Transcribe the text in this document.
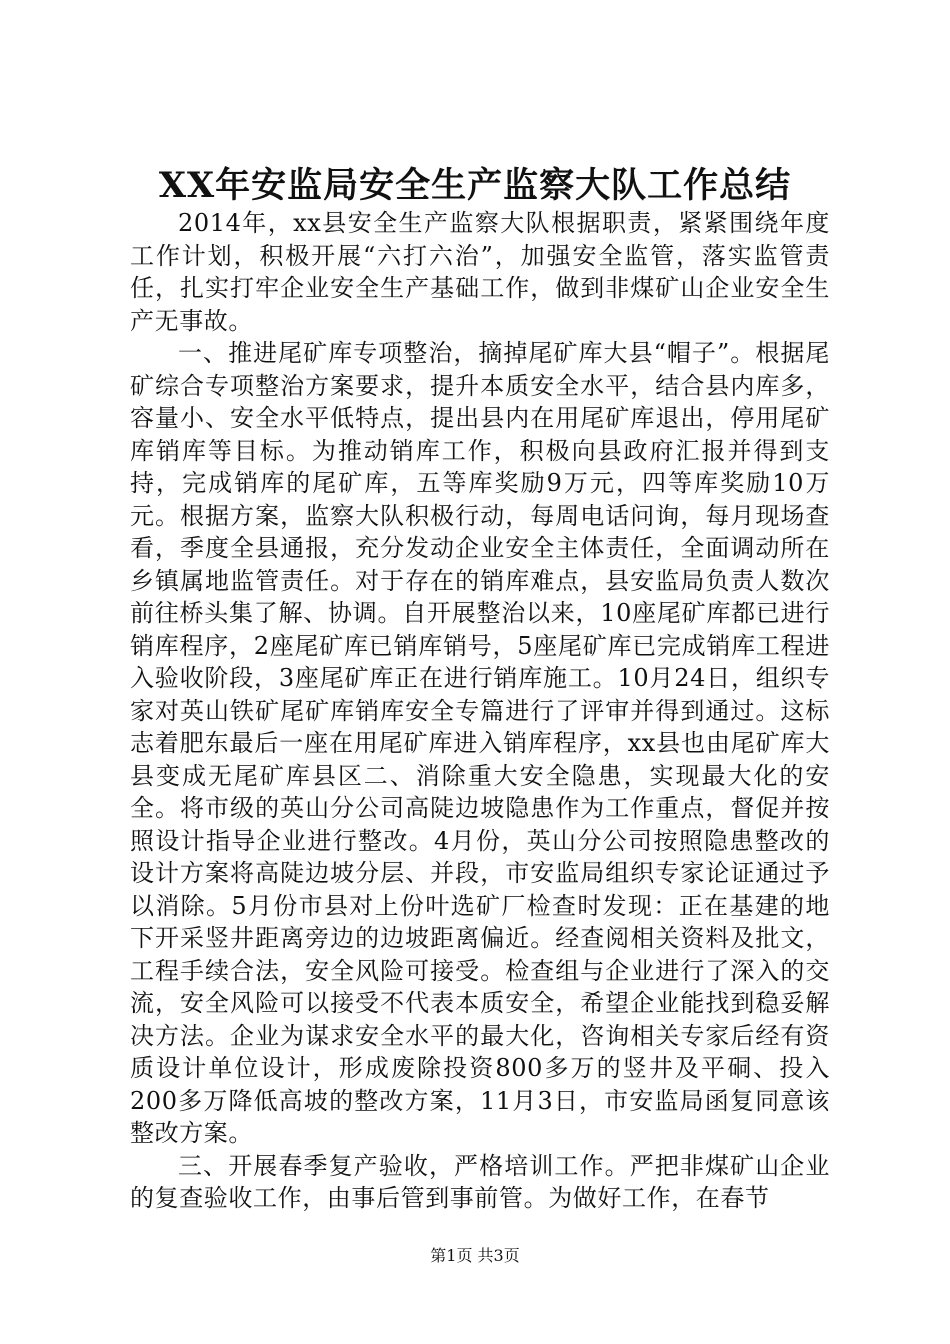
XX年安监局安全生产监察大队工作总结

2014年，xx县安全生产监察大队根据职责，紧紧围绕年度工作计划，积极开展“六打六治”，加强安全监管，落实监管责任，扎实打牢企业安全生产基础工作，做到非煤矿山企业安全生产无事故。

一、推进尾矿库专项整治，摘掉尾矿库大县“帽子”。根据尾矿综合专项整治方案要求，提升本质安全水平，结合县内库多，容量小、安全水平低特点，提出县内在用尾矿库退出，停用尾矿库销库等目标。为推动销库工作，积极向县政府汇报并得到支持，完成销库的尾矿库，五等库奖励9万元，四等库奖励10万元。根据方案，监察大队积极行动，每周电话问询，每月现场查看，季度全县通报，充分发动企业安全主体责任，全面调动所在乡镇属地监管责任。对于存在的销库难点，县安监局负责人数次前往桥头集了解、协调。自开展整治以来，10座尾矿库都已进行销库程序，2座尾矿库已销库销号，5座尾矿库已完成销库工程进入验收阶段，3座尾矿库正在进行销库施工。10月24日，组织专家对英山铁矿尾矿库销库安全专篇进行了评审并得到通过。这标志着肥东最后一座在用尾矿库进入销库程序，xx县也由尾矿库大县变成无尾矿库县区二、消除重大安全隐患，实现最大化的安全。将市级的英山分公司高陡边坡隐患作为工作重点，督促并按照设计指导企业进行整改。4月份，英山分公司按照隐患整改的设计方案将高陡边坡分层、并段，市安监局组织专家论证通过予以消除。5月份市县对上份叶选矿厂检查时发现：正在基建的地下开采竖井距离旁边的边坡距离偏近。经查阅相关资料及批文，工程手续合法，安全风险可接受。检查组与企业进行了深入的交流，安全风险可以接受不代表本质安全，希望企业能找到稳妥解决方法。企业为谋求安全水平的最大化，咨询相关专家后经有资质设计单位设计，形成废除投资800多万的竖井及平硐、投入200多万降低高坡的整改方案，11月3日，市安监局函复同意该整改方案。

三、开展春季复产验收，严格培训工作。严把非煤矿山企业的复查验收工作，由事后管到事前管。为做好工作，在春节

第1页 共3页
